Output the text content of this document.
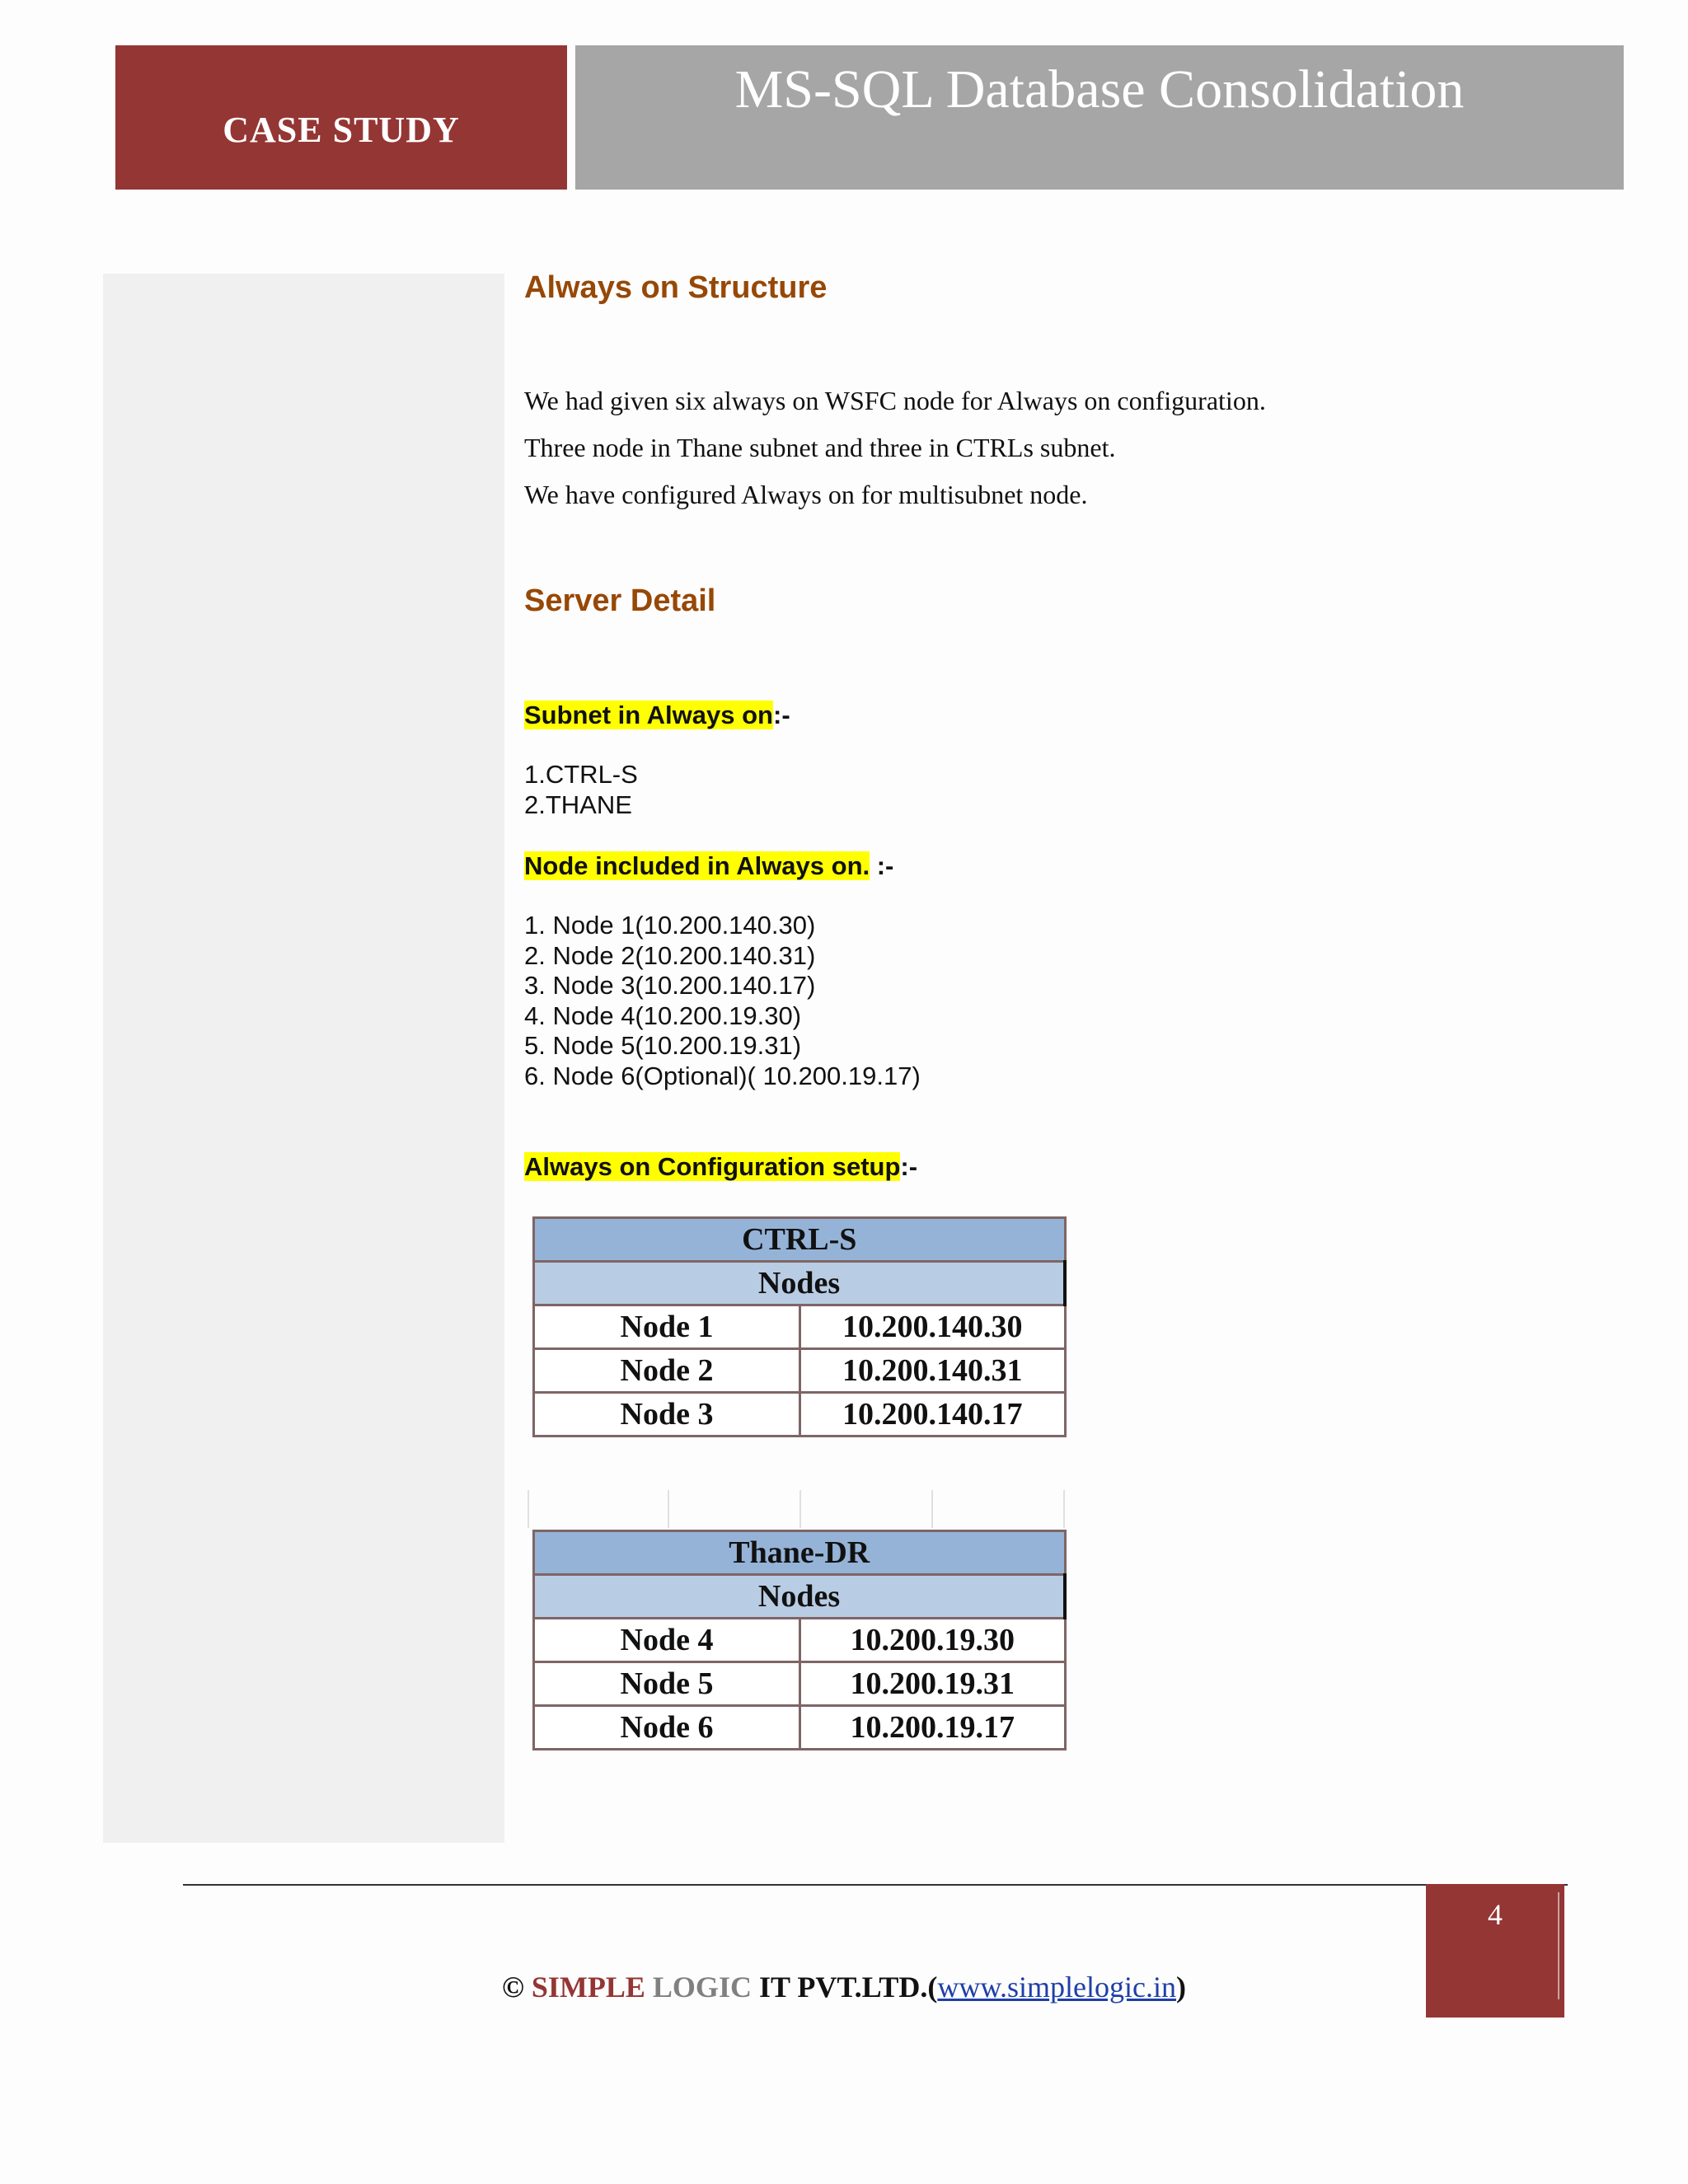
CASE STUDY
MS-SQL Database Consolidation
Always on Structure

We had given six always on WSFC node for Always on configuration.

Three node in Thane subnet and three in CTRLs subnet.

We have configured Always on for multisubnet node.

Server Detail

Subnet in Always on:-

1.CTRL-S
2.THANE

Node included in Always on. :-

1. Node 1(10.200.140.30)
2. Node 2(10.200.140.31)
3. Node 3(10.200.140.17)
4. Node 4(10.200.19.30)
5. Node 5(10.200.19.31)
6. Node 6(Optional)( 10.200.19.17)

Always on Configuration setup:-

CTRL-S	
Nodes	
Node 1	10.200.140.30
Node 2	10.200.140.31
Node 3	10.200.140.17
Thane-DR	
Nodes	
Node 4	10.200.19.30
Node 5	10.200.19.31
Node 6	10.200.19.17
4
© SIMPLE LOGIC IT PVT.LTD.(www.simplelogic.in)
